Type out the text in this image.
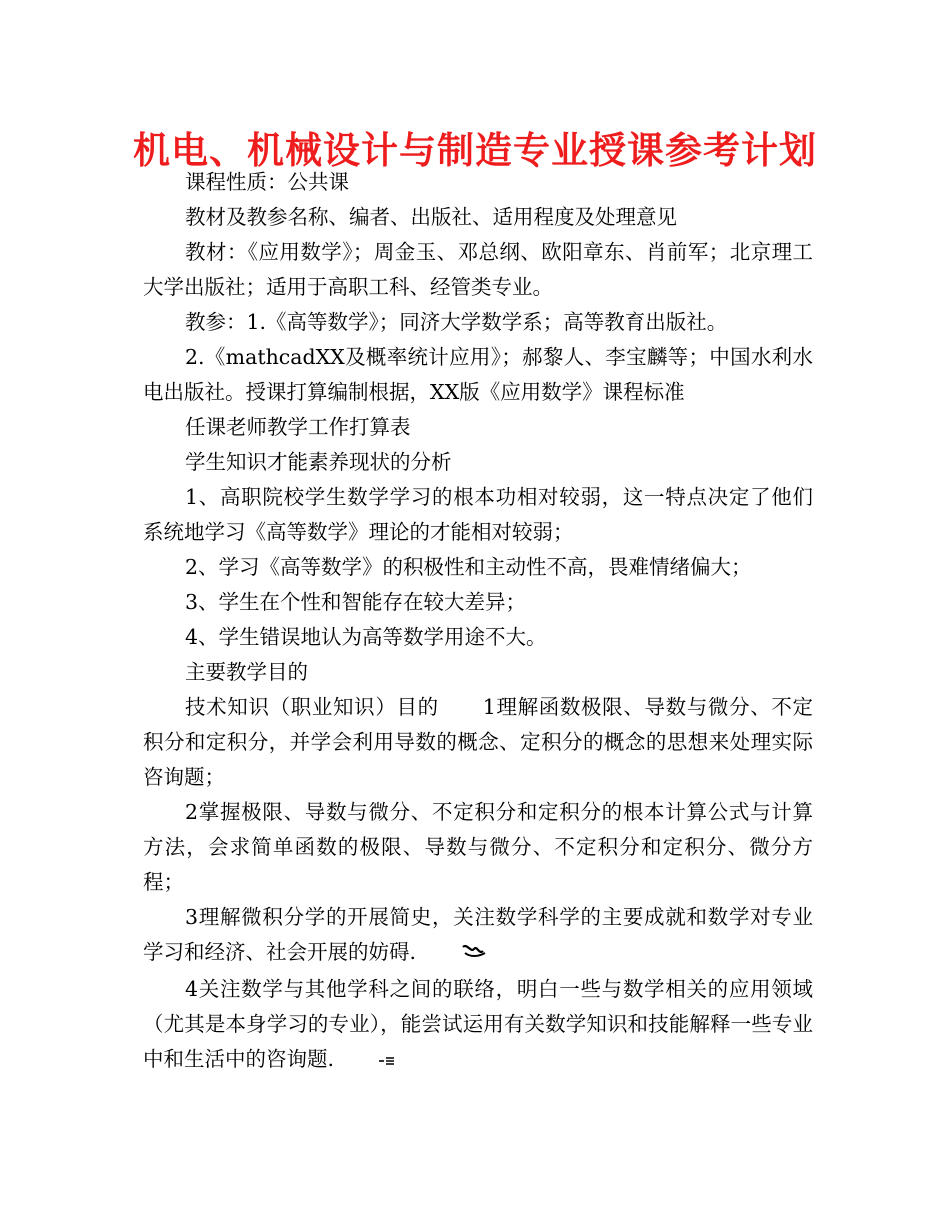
机电、机械设计与制造专业授课参考计划

课程性质：公共课

教材及教参名称、编者、出版社、适用程度及处理意见

教材：《应用数学》；周金玉、邓总纲、欧阳章东、肖前军；北京理工大学出版社；适用于高职工科、经管类专业。

教参：1.《高等数学》；同济大学数学系；高等教育出版社。

2.《mathcadXX及概率统计应用》；郝黎人、李宝麟等；中国水利水电出版社。授课打算编制根据，XX版《应用数学》课程标准

任课老师教学工作打算表

学生知识才能素养现状的分析

1、高职院校学生数学学习的根本功相对较弱，这一特点决定了他们系统地学习《高等数学》理论的才能相对较弱；

2、学习《高等数学》的积极性和主动性不高，畏难情绪偏大；

3、学生在个性和智能存在较大差异；

4、学生错误地认为高等数学用途不大。

主要教学目的

技术知识（职业知识）目的 1理解函数极限、导数与微分、不定积分和定积分，并学会利用导数的概念、定积分的概念的思想来处理实际咨询题；

2掌握极限、导数与微分、不定积分和定积分的根本计算公式与计算方法，会求简单函数的极限、导数与微分、不定积分和定积分、微分方程；

3理解微积分学的开展简史，关注数学科学的主要成就和数学对专业学习和经济、社会开展的妨碍.

4关注数学与其他学科之间的联络，明白一些与数学相关的应用领域（尤其是本身学习的专业），能尝试运用有关数学知识和技能解释一些专业中和生活中的咨询题.
